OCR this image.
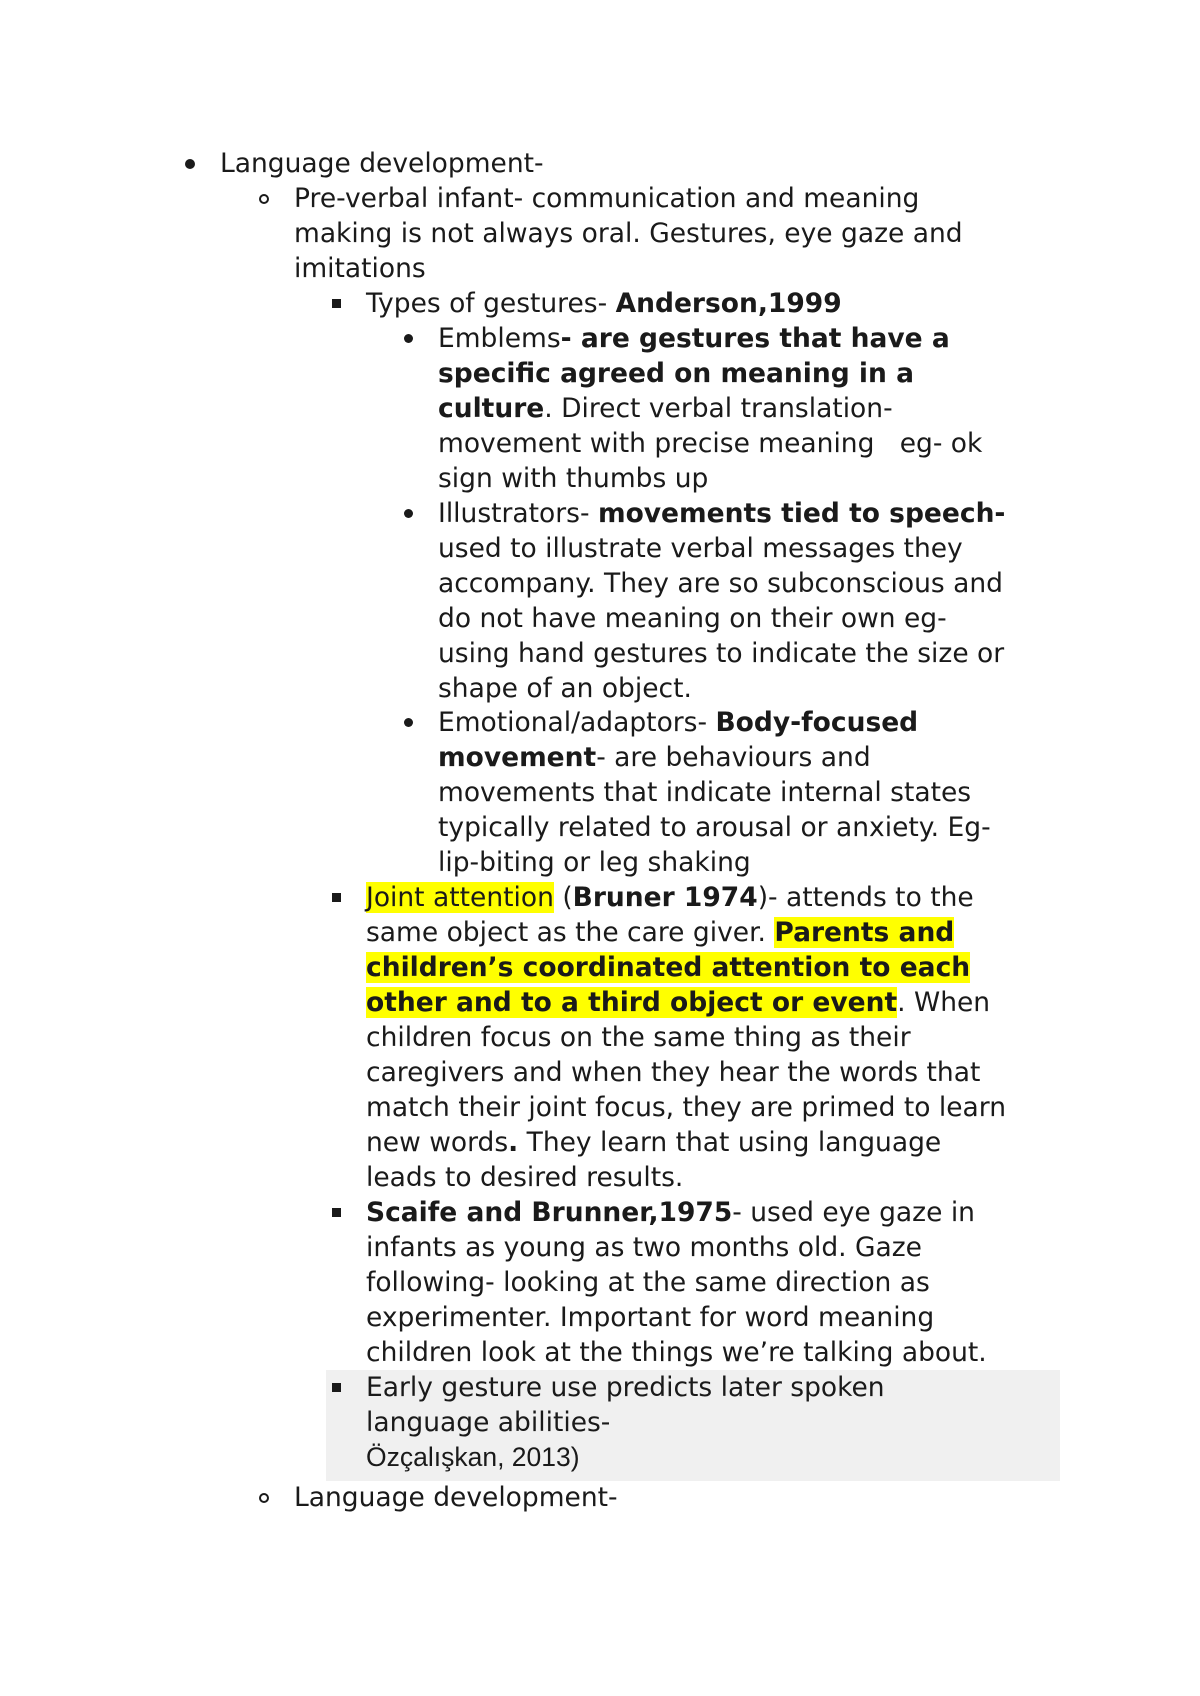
Language development-
Pre-verbal infant- communication and meaning
making is not always oral. Gestures, eye gaze and
imitations
Types of gestures- Anderson,1999
Emblems- are gestures that have a
specific agreed on meaning in a
culture. Direct verbal translation-
movement with precise meaning   eg- ok
sign with thumbs up
Illustrators- movements tied to speech-
used to illustrate verbal messages they
accompany. They are so subconscious and
do not have meaning on their own eg-
using hand gestures to indicate the size or
shape of an object.
Emotional/adaptors- Body-focused
movement- are behaviours and
movements that indicate internal states
typically related to arousal or anxiety. Eg-
lip-biting or leg shaking
Joint attention (Bruner 1974)- attends to the
same object as the care giver. Parents and
children’s coordinated attention to each
other and to a third object or event. When
children focus on the same thing as their
caregivers and when they hear the words that
match their joint focus, they are primed to learn
new words. They learn that using language
leads to desired results.
Scaife and Brunner,1975- used eye gaze in
infants as young as two months old. Gaze
following- looking at the same direction as
experimenter. Important for word meaning
children look at the things we’re talking about.
Early gesture use predicts later spoken
language abilities-
Özçalışkan, 2013)
Language development-
